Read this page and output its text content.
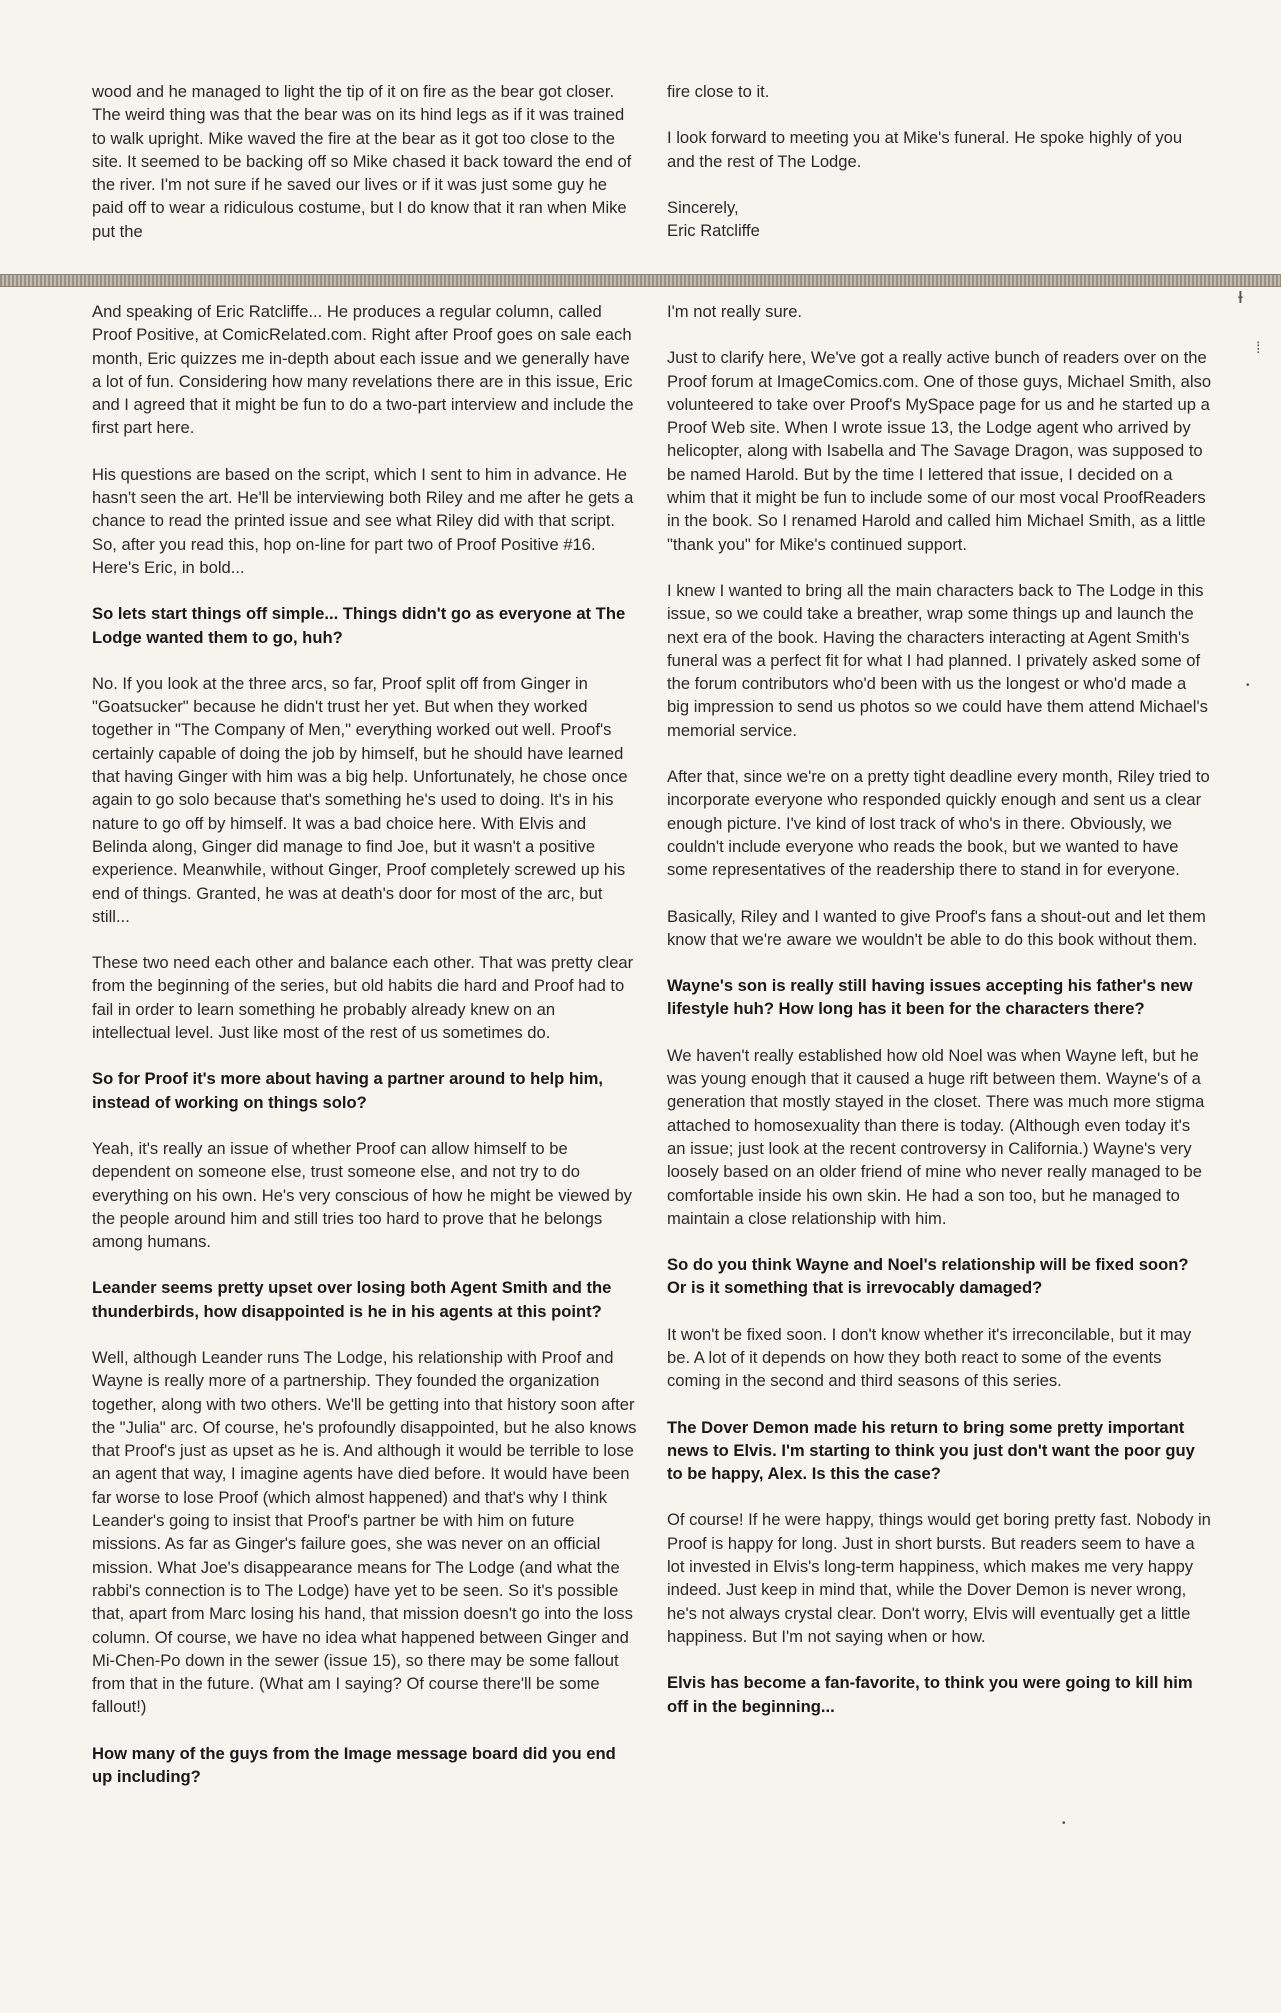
wood and he managed to light the tip of it on fire as the bear got closer. The weird thing was that the bear was on its hind legs as if it was trained to walk upright. Mike waved the fire at the bear as it got too close to the site. It seemed to be backing off so Mike chased it back toward the end of the river. I'm not sure if he saved our lives or if it was just some guy he paid off to wear a ridiculous costume, but I do know that it ran when Mike put the

fire close to it.

I look forward to meeting you at Mike's funeral. He spoke highly of you and the rest of The Lodge.

Sincerely,

Eric Ratcliffe

And speaking of Eric Ratcliffe... He produces a regular column, called Proof Positive, at ComicRelated.com. Right after Proof goes on sale each month, Eric quizzes me in-depth about each issue and we generally have a lot of fun. Considering how many revelations there are in this issue, Eric and I agreed that it might be fun to do a two-part interview and include the first part here.

His questions are based on the script, which I sent to him in advance. He hasn't seen the art. He'll be interviewing both Riley and me after he gets a chance to read the printed issue and see what Riley did with that script. So, after you read this, hop on-line for part two of Proof Positive #16. Here's Eric, in bold...

So lets start things off simple... Things didn't go as everyone at The Lodge wanted them to go, huh?

No. If you look at the three arcs, so far, Proof split off from Ginger in "Goatsucker" because he didn't trust her yet. But when they worked together in "The Company of Men," everything worked out well. Proof's certainly capable of doing the job by himself, but he should have learned that having Ginger with him was a big help. Unfortunately, he chose once again to go solo because that's something he's used to doing. It's in his nature to go off by himself. It was a bad choice here. With Elvis and Belinda along, Ginger did manage to find Joe, but it wasn't a positive experience. Meanwhile, without Ginger, Proof completely screwed up his end of things. Granted, he was at death's door for most of the arc, but still...

These two need each other and balance each other. That was pretty clear from the beginning of the series, but old habits die hard and Proof had to fail in order to learn something he probably already knew on an intellectual level. Just like most of the rest of us sometimes do.

So for Proof it's more about having a partner around to help him, instead of working on things solo?

Yeah, it's really an issue of whether Proof can allow himself to be dependent on someone else, trust someone else, and not try to do everything on his own. He's very conscious of how he might be viewed by the people around him and still tries too hard to prove that he belongs among humans.

Leander seems pretty upset over losing both Agent Smith and the thunderbirds, how disappointed is he in his agents at this point?

Well, although Leander runs The Lodge, his relationship with Proof and Wayne is really more of a partnership. They founded the organization together, along with two others. We'll be getting into that history soon after the "Julia" arc. Of course, he's profoundly disappointed, but he also knows that Proof's just as upset as he is. And although it would be terrible to lose an agent that way, I imagine agents have died before. It would have been far worse to lose Proof (which almost happened) and that's why I think Leander's going to insist that Proof's partner be with him on future missions. As far as Ginger's failure goes, she was never on an official mission. What Joe's disappearance means for The Lodge (and what the rabbi's connection is to The Lodge) have yet to be seen. So it's possible that, apart from Marc losing his hand, that mission doesn't go into the loss column. Of course, we have no idea what happened between Ginger and Mi-Chen-Po down in the sewer (issue 15), so there may be some fallout from that in the future. (What am I saying? Of course there'll be some fallout!)

How many of the guys from the Image message board did you end up including?

I'm not really sure.

Just to clarify here, We've got a really active bunch of readers over on the Proof forum at ImageComics.com. One of those guys, Michael Smith, also volunteered to take over Proof's MySpace page for us and he started up a Proof Web site. When I wrote issue 13, the Lodge agent who arrived by helicopter, along with Isabella and The Savage Dragon, was supposed to be named Harold. But by the time I lettered that issue, I decided on a whim that it might be fun to include some of our most vocal ProofReaders in the book. So I renamed Harold and called him Michael Smith, as a little "thank you" for Mike's continued support.

I knew I wanted to bring all the main characters back to The Lodge in this issue, so we could take a breather, wrap some things up and launch the next era of the book. Having the characters interacting at Agent Smith's funeral was a perfect fit for what I had planned. I privately asked some of the forum contributors who'd been with us the longest or who'd made a big impression to send us photos so we could have them attend Michael's memorial service.

After that, since we're on a pretty tight deadline every month, Riley tried to incorporate everyone who responded quickly enough and sent us a clear enough picture. I've kind of lost track of who's in there. Obviously, we couldn't include everyone who reads the book, but we wanted to have some representatives of the readership there to stand in for everyone.

Basically, Riley and I wanted to give Proof's fans a shout-out and let them know that we're aware we wouldn't be able to do this book without them.

Wayne's son is really still having issues accepting his father's new lifestyle huh? How long has it been for the characters there?

We haven't really established how old Noel was when Wayne left, but he was young enough that it caused a huge rift between them. Wayne's of a generation that mostly stayed in the closet. There was much more stigma attached to homosexuality than there is today. (Although even today it's an issue; just look at the recent controversy in California.) Wayne's very loosely based on an older friend of mine who never really managed to be comfortable inside his own skin. He had a son too, but he managed to maintain a close relationship with him.

So do you think Wayne and Noel's relationship will be fixed soon? Or is it something that is irrevocably damaged?

It won't be fixed soon. I don't know whether it's irreconcilable, but it may be. A lot of it depends on how they both react to some of the events coming in the second and third seasons of this series.

The Dover Demon made his return to bring some pretty important news to Elvis. I'm starting to think you just don't want the poor guy to be happy, Alex. Is this the case?

Of course! If he were happy, things would get boring pretty fast. Nobody in Proof is happy for long. Just in short bursts. But readers seem to have a lot invested in Elvis's long-term happiness, which makes me very happy indeed. Just keep in mind that, while the Dover Demon is never wrong, he's not always crystal clear. Don't worry, Elvis will eventually get a little happiness. But I'm not saying when or how.

Elvis has become a fan-favorite, to think you were going to kill him off in the beginning...

ᵼ
⁞
•
•
